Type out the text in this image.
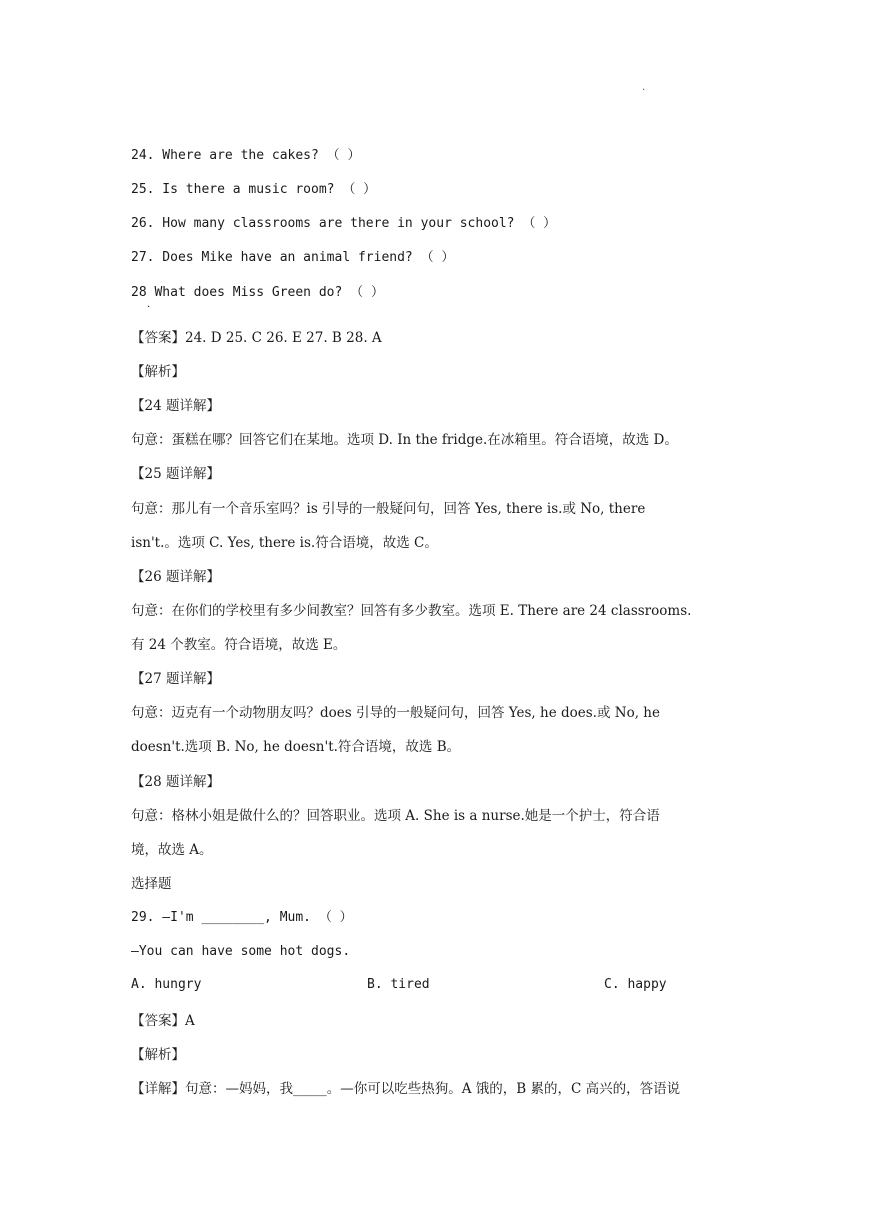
.
24. Where are the cakes? （ ）
25. Is there a music room? （ ）
26. How many classrooms are there in your school? （ ）
27. Does Mike have an animal friend? （ ）
28 What does Miss Green do? （ ）
·
【答案】24. D 25. C 26. E 27. B 28. A
【解析】
【24 题详解】
句意：蛋糕在哪？回答它们在某地。选项 D. In the fridge.在冰箱里。符合语境，故选 D。
【25 题详解】
句意：那儿有一个音乐室吗？is 引导的一般疑问句，回答 Yes, there is.或 No, there
isn't.。选项 C. Yes, there is.符合语境，故选 C。
【26 题详解】
句意：在你们的学校里有多少间教室？回答有多少教室。选项 E. There are 24 classrooms.
有 24 个教室。符合语境，故选 E。
【27 题详解】
句意：迈克有一个动物朋友吗？does 引导的一般疑问句，回答 Yes, he does.或 No, he
doesn't.选项 B. No, he doesn't.符合语境，故选 B。
【28 题详解】
句意：格林小姐是做什么的？回答职业。选项 A. She is a nurse.她是一个护士，符合语
境，故选 A。
选择题
29. —I'm ________, Mum. （ ）
—You can have some hot dogs.
A. hungry	B. tired	C. happy
【答案】A
【解析】
【详解】句意：—妈妈，我_____。—你可以吃些热狗。A 饿的，B 累的，C 高兴的，答语说
